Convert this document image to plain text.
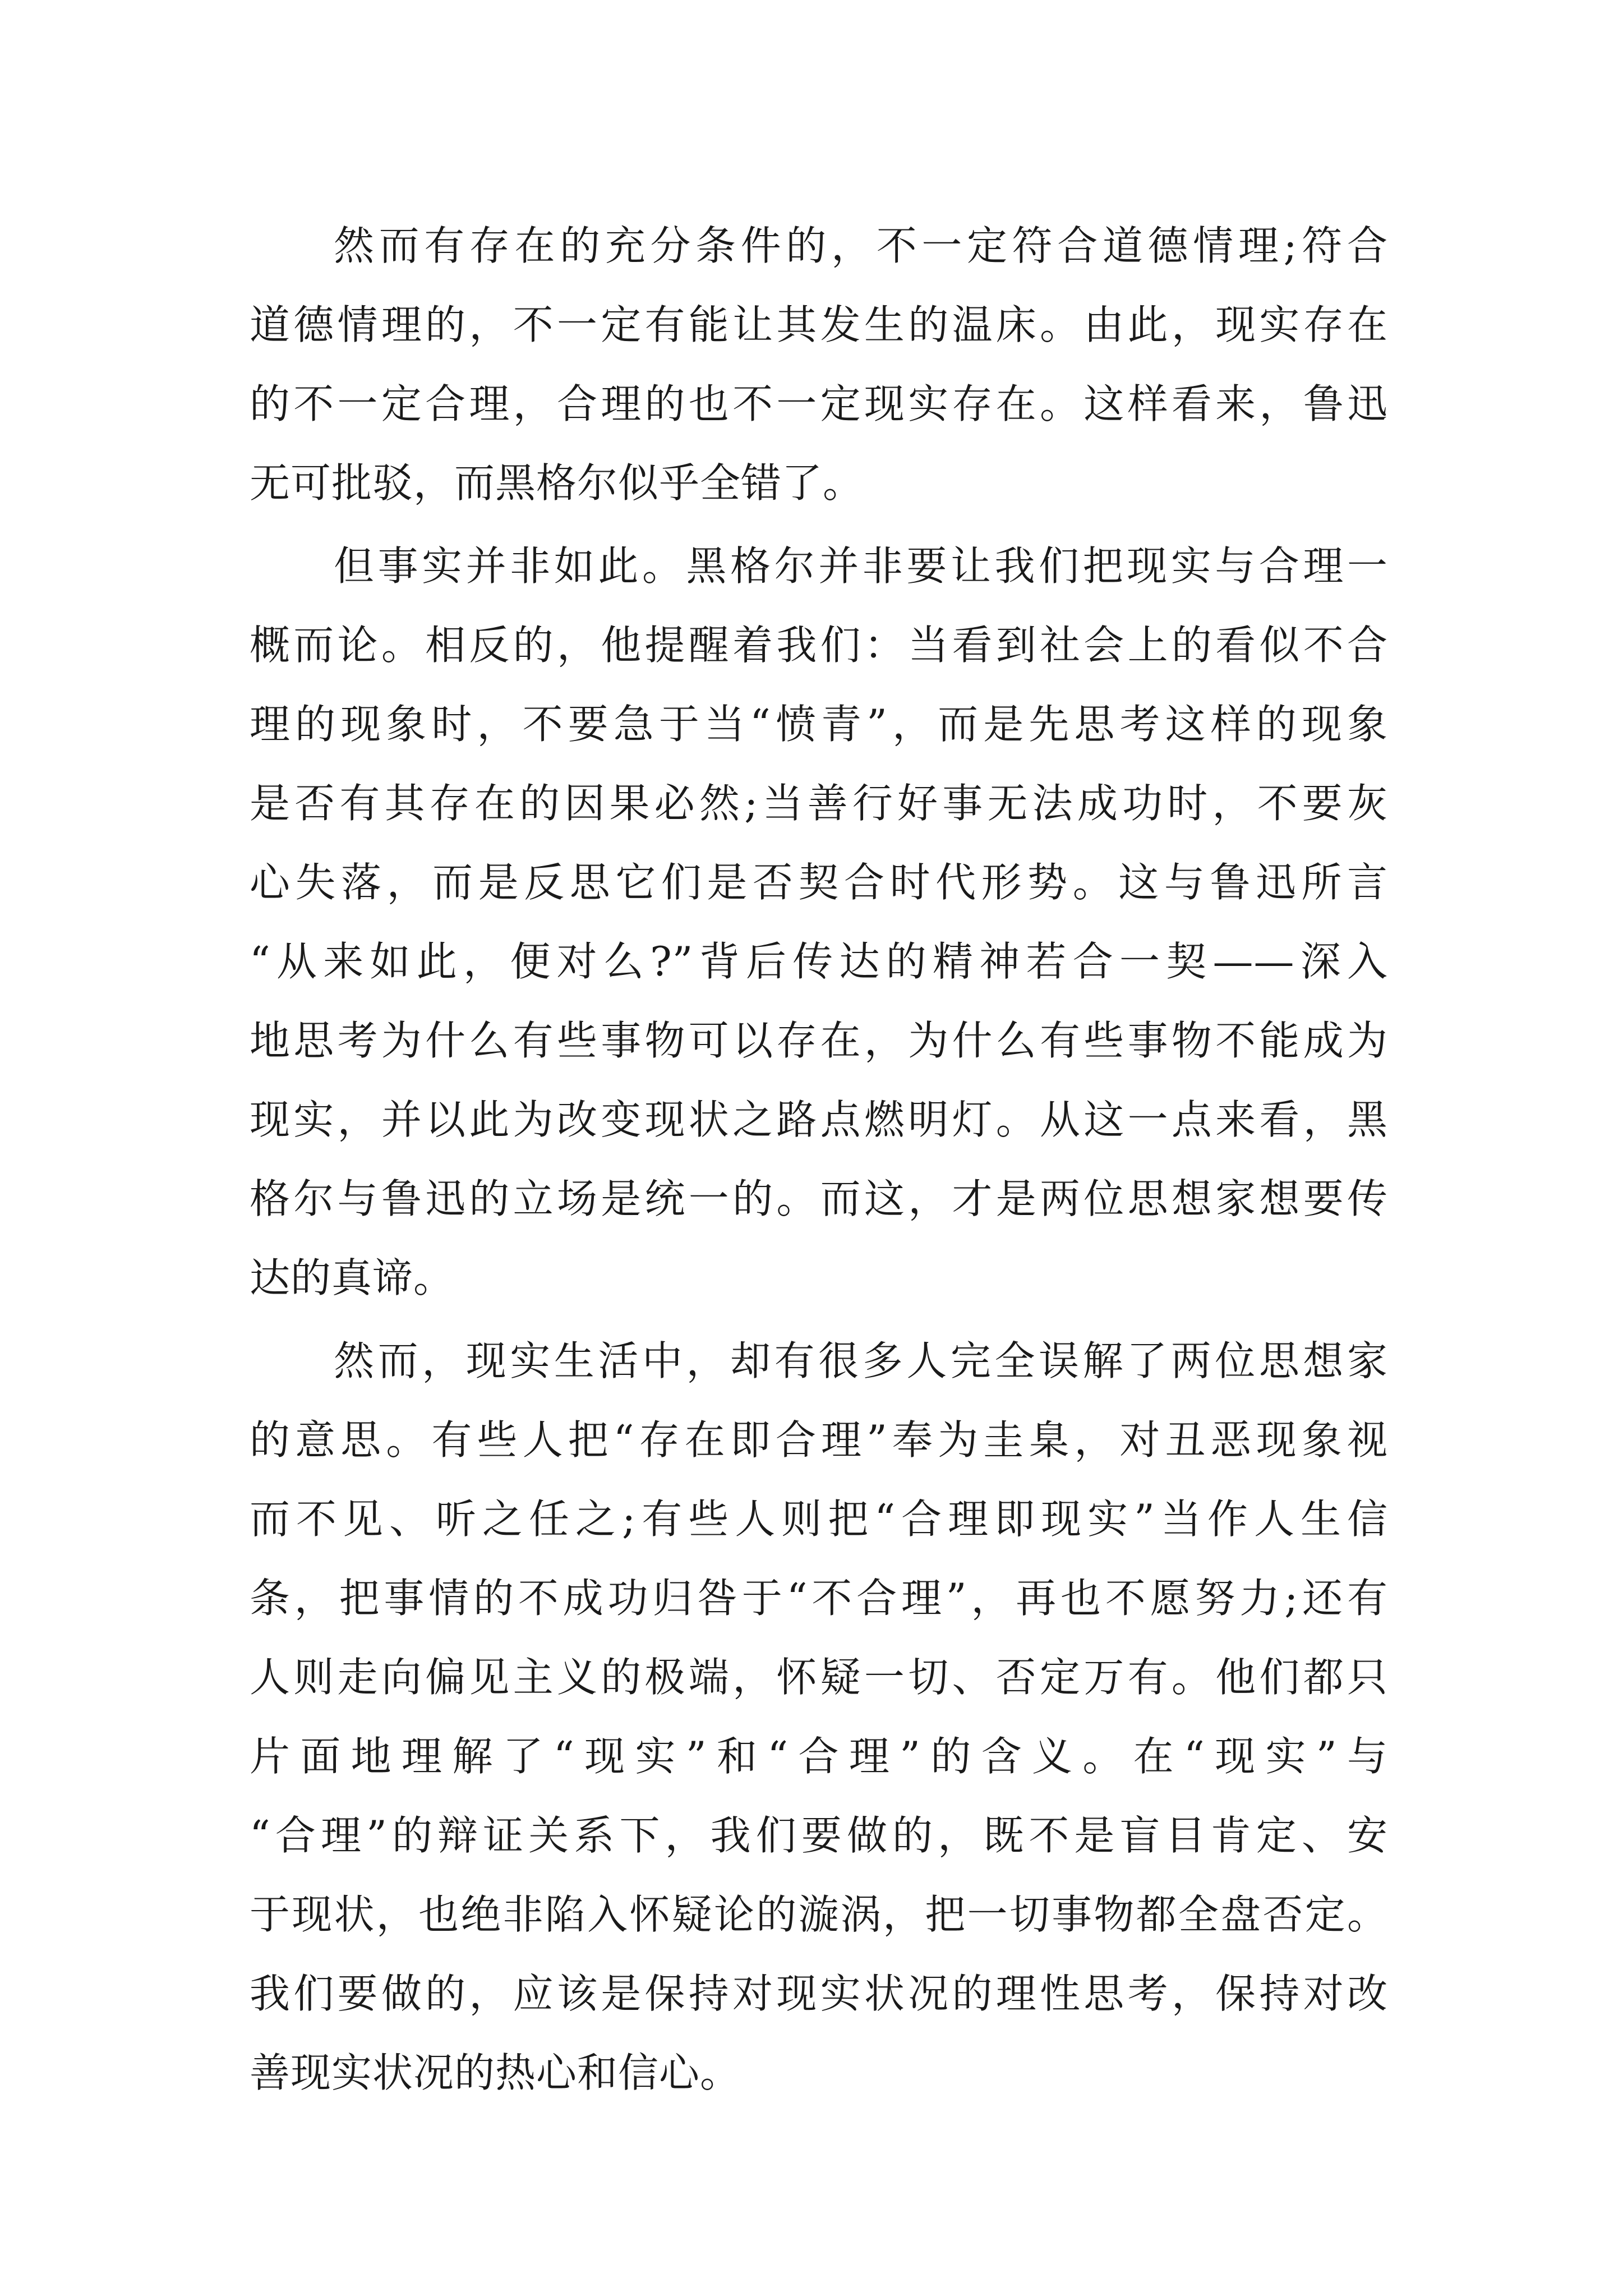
然而有存在的充分条件的，不一定符合道德情理;符合
道德情理的，不一定有能让其发生的温床。由此，现实存在
的不一定合理，合理的也不一定现实存在。这样看来，鲁迅
无可批驳，而黑格尔似乎全错了。
但事实并非如此。黑格尔并非要让我们把现实与合理一
概而论。相反的，他提醒着我们：当看到社会上的看似不合
理的现象时，不要急于当“愤青”，而是先思考这样的现象
是否有其存在的因果必然;当善行好事无法成功时，不要灰
心失落，而是反思它们是否契合时代形势。这与鲁迅所言
“从来如此，便对么?”背后传达的精神若合一契——深入
地思考为什么有些事物可以存在，为什么有些事物不能成为
现实，并以此为改变现状之路点燃明灯。从这一点来看，黑
格尔与鲁迅的立场是统一的。而这，才是两位思想家想要传
达的真谛。
然而，现实生活中，却有很多人完全误解了两位思想家
的意思。有些人把“存在即合理”奉为圭臬，对丑恶现象视
而不见、听之任之;有些人则把“合理即现实”当作人生信
条，把事情的不成功归咎于“不合理”，再也不愿努力;还有
人则走向偏见主义的极端，怀疑一切、否定万有。他们都只
片面地理解了“现实”和“合理”的含义。在“现实”与
“合理”的辩证关系下，我们要做的，既不是盲目肯定、安
于现状，也绝非陷入怀疑论的漩涡，把一切事物都全盘否定。
我们要做的，应该是保持对现实状况的理性思考，保持对改
善现实状况的热心和信心。
